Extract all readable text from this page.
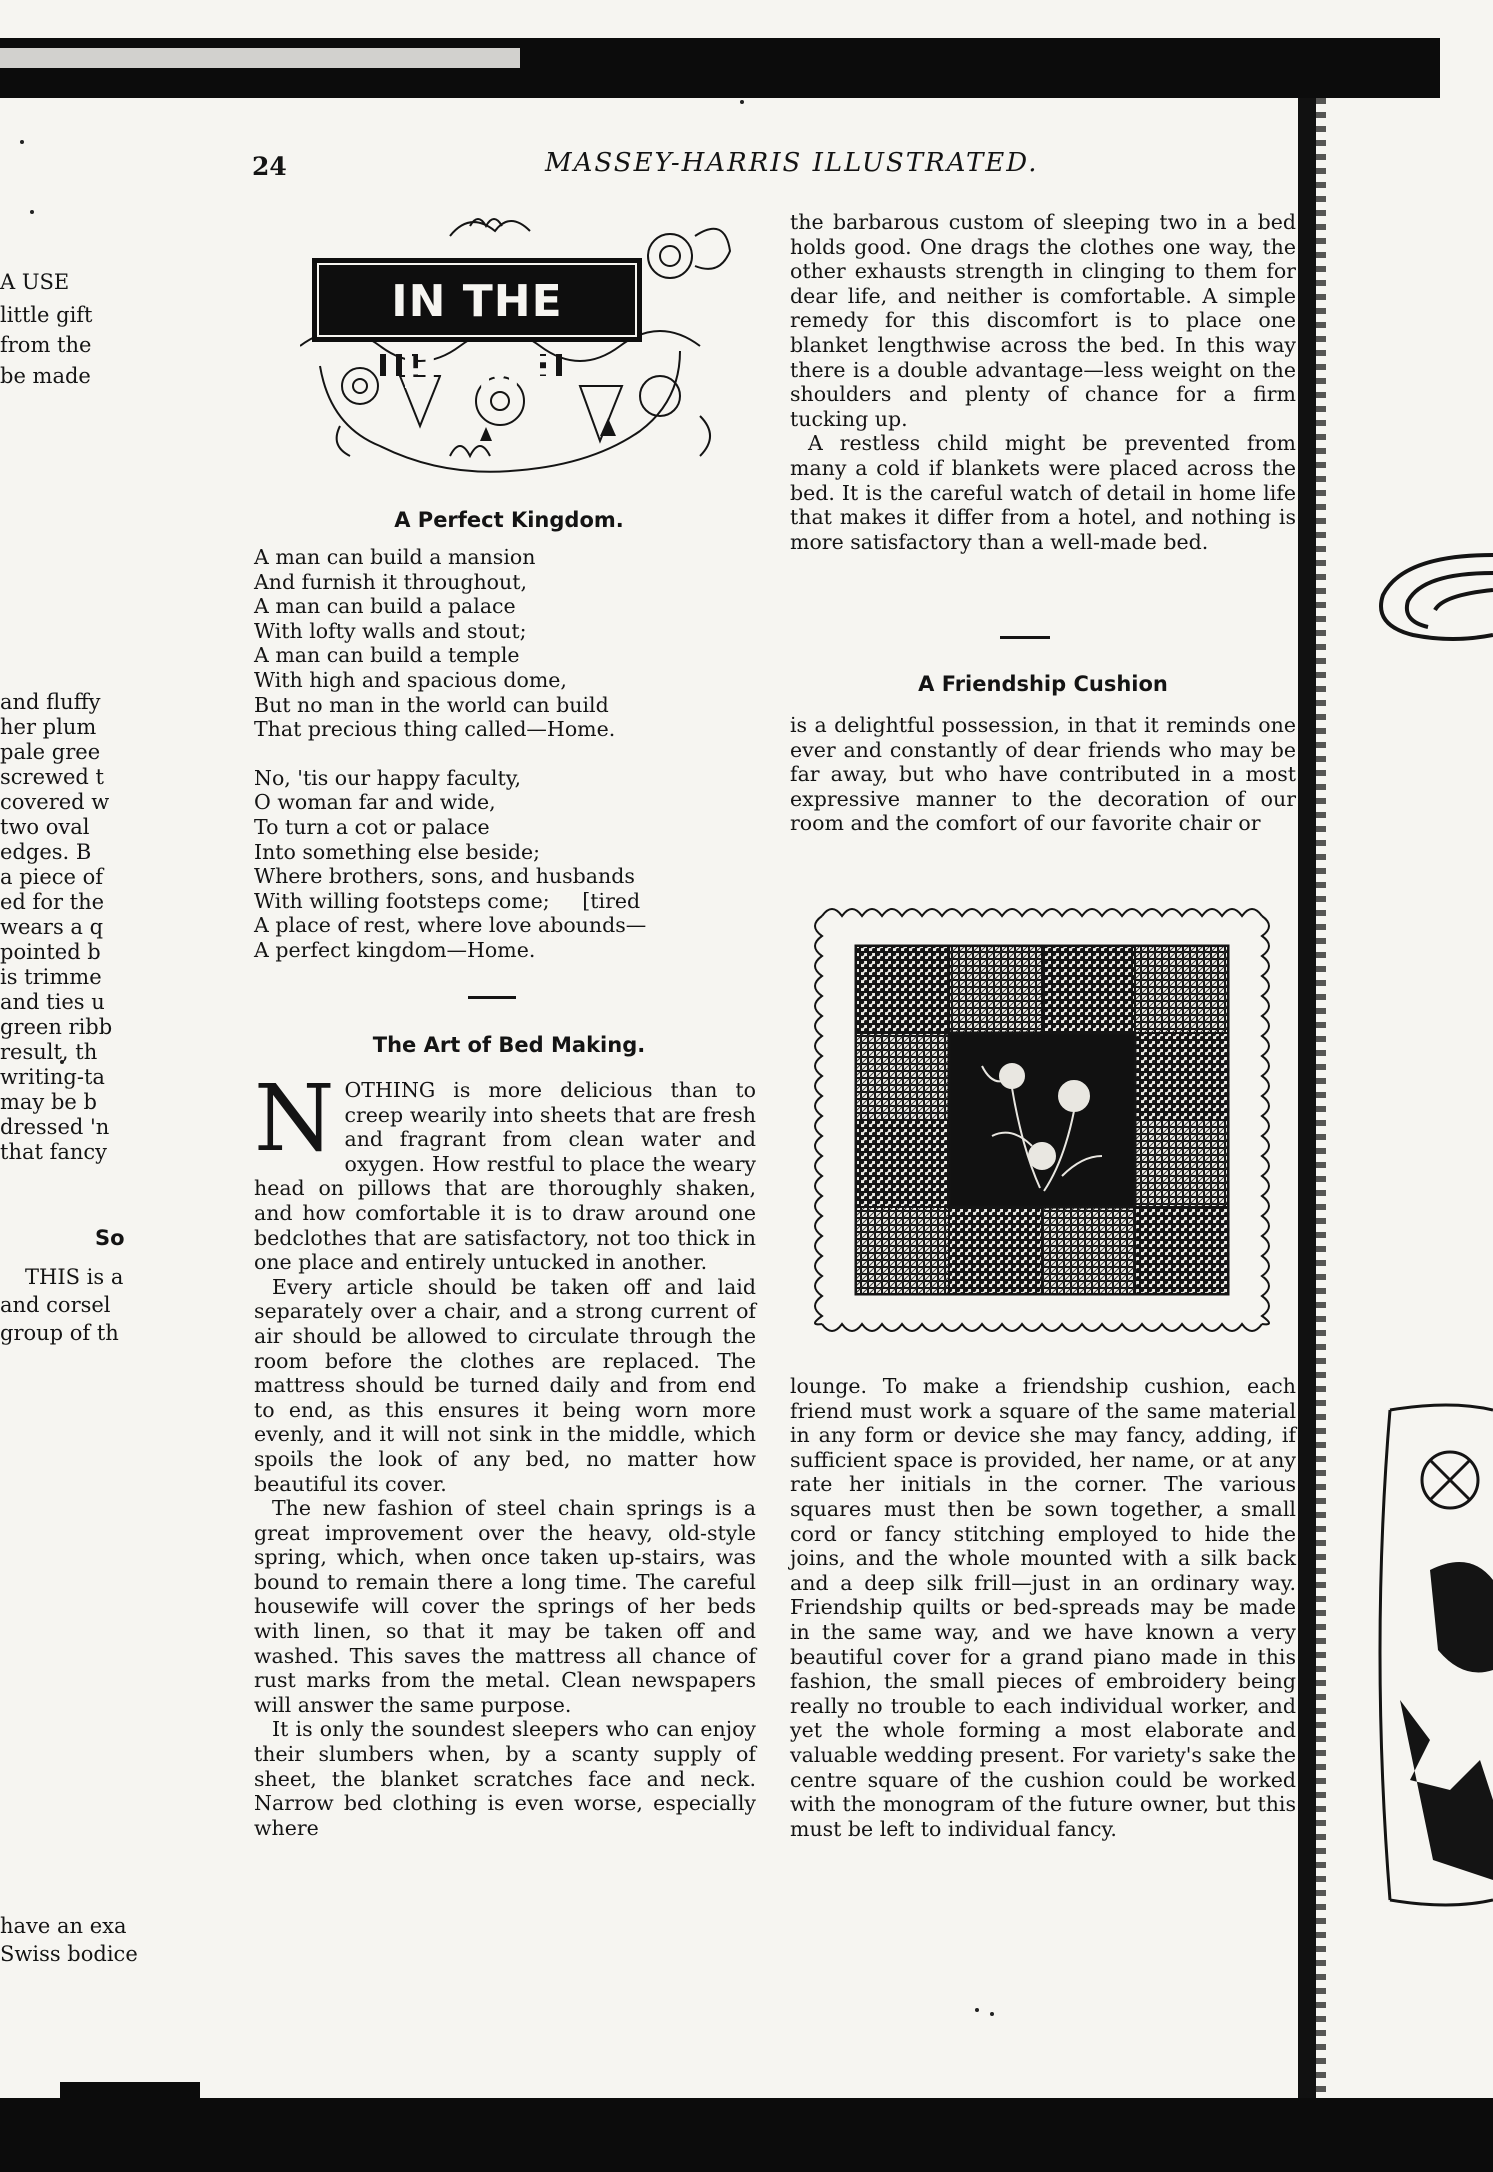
24	MASSEY-HARRIS ILLUSTRATED.
IN THE HOME
A Perfect Kingdom.
A man can build a mansion
And furnish it throughout,
A man can build a palace
With lofty walls and stout;
A man can build a temple
With high and spacious dome,
But no man in the world can build
That precious thing called—Home.
No, 'tis our happy faculty,
O woman far and wide,
To turn a cot or palace
Into something else beside;
Where brothers, sons, and husbands
With willing footsteps come;     [tired
A place of rest, where love abounds—
A perfect kingdom—Home.
The Art of Bed Making.

NOTHING is more delicious than to creep wearily into sheets that are fresh and fragrant from clean water and oxygen. How restful to place the weary head on pillows that are thoroughly shaken, and how comfortable it is to draw around one bedclothes that are satisfactory, not too thick in one place and entirely untucked in another.

Every article should be taken off and laid separately over a chair, and a strong current of air should be allowed to circulate through the room before the clothes are replaced. The mattress should be turned daily and from end to end, as this ensures it being worn more evenly, and it will not sink in the middle, which spoils the look of any bed, no matter how beautiful its cover.

The new fashion of steel chain springs is a great improvement over the heavy, old-style spring, which, when once taken up-stairs, was bound to remain there a long time. The careful housewife will cover the springs of her beds with linen, so that it may be taken off and washed. This saves the mattress all chance of rust marks from the metal. Clean newspapers will answer the same purpose.

It is only the soundest sleepers who can enjoy their slumbers when, by a scanty supply of sheet, the blanket scratches face and neck. Narrow bed clothing is even worse, especially where

the barbarous custom of sleeping two in a bed holds good. One drags the clothes one way, the other exhausts strength in clinging to them for dear life, and neither is comfortable. A simple remedy for this discomfort is to place one blanket lengthwise across the bed. In this way there is a double advantage—less weight on the shoulders and plenty of chance for a firm tucking up.

A restless child might be prevented from many a cold if blankets were placed across the bed. It is the careful watch of detail in home life that makes it differ from a hotel, and nothing is more satisfactory than a well-made bed.

A Friendship Cushion

is a delightful possession, in that it reminds one ever and constantly of dear friends who may be far away, but who have contributed in a most expressive manner to the decoration of our room and the comfort of our favorite chair or

lounge. To make a friendship cushion, each friend must work a square of the same material in any form or device she may fancy, adding, if sufficient space is provided, her name, or at any rate her initials in the corner. The various squares must then be sown together, a small cord or fancy stitching employed to hide the joins, and the whole mounted with a silk back and a deep silk frill—just in an ordinary way. Friendship quilts or bed-spreads may be made in the same way, and we have known a very beautiful cover for a grand piano made in this fashion, the small pieces of embroidery being really no trouble to each individual worker, and yet the whole forming a most elaborate and valuable wedding present. For variety's sake the centre square of the cushion could be worked with the monogram of the future owner, but this must be left to individual fancy.

A USE
little gift
from the
be made
and fluffy
her plum
pale gree
screwed t
covered w
two oval
edges. B
a piece of
ed for the
wears a q
pointed b
is trimme
and ties u
green ribb
result, th
writing-ta
may be b
dressed 'n
that fancy
So
THIS is a
and corsel
group of th
have an exa
Swiss bodice
